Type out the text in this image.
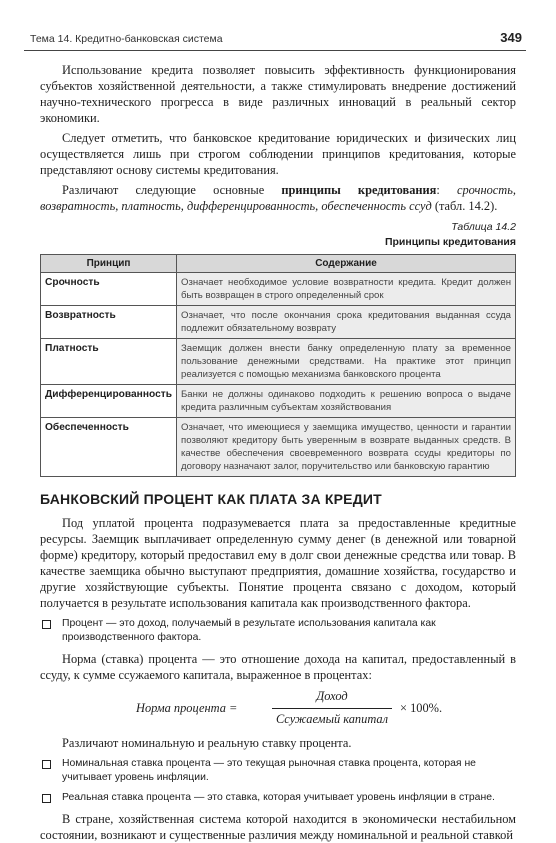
Тема 14. Кредитно-банковская система	349

Использование кредита позволяет повысить эффективность функционирования субъектов хозяйственной деятельности, а также стимулировать внедрение достижений научно-технического прогресса в виде различных инноваций в реальный сектор экономики.

Следует отметить, что банковское кредитование юридических и физических лиц осуществляется лишь при строгом соблюдении принципов кредитования, которые представляют основу системы кредитования.

Различают следующие основные принципы кредитования: срочность, возвратность, платность, дифференцированность, обеспеченность ссуд (табл. 14.2).

Таблица 14.2
Принципы кредитования
Принцип	Содержание
Срочность	Означает необходимое условие возвратности кредита. Кредит должен быть возвращен в строго определенный срок
Возвратность	Означает, что после окончания срока кредитования выданная ссуда подлежит обязательному возврату
Платность	Заемщик должен внести банку определенную плату за временное пользование денежными средствами. На практике этот принцип реализуется с помощью механизма банковского процента
Дифференцированность	Банки не должны одинаково подходить к решению вопроса о выдаче кредита различным субъектам хозяйствования
Обеспеченность	Означает, что имеющиеся у заемщика имущество, ценности и гарантии позволяют кредитору быть уверенным в возврате выданных средств. В качестве обеспечения своевременного возврата ссуды кредиторы по договору назначают залог, поручительство или банковскую гарантию
БАНКОВСКИЙ ПРОЦЕНТ КАК ПЛАТА ЗА КРЕДИТ

Под уплатой процента подразумевается плата за предоставленные кредитные ресурсы. Заемщик выплачивает определенную сумму денег (в денежной или товарной форме) кредитору, который предоставил ему в долг свои денежные средства или товар. В качестве заемщика обычно выступают предприятия, домашние хозяйства, государство и другие хозяйствующие субъекты. Понятие процента связано с доходом, который получается в результате использования капитала как производственного фактора.

Процент — это доход, получаемый в результате использования капитала как производственного фактора.

Норма (ставка) процента — это отношение дохода на капитал, предоставленный в ссуду, к сумме ссужаемого капитала, выраженное в процентах:

Норма процента =
Доход
Ссужаемый капитал
× 100%.

Различают номинальную и реальную ставку процента.

Номинальная ставка процента — это текущая рыночная ставка процента, которая не учитывает уровень инфляции.
Реальная ставка процента — это ставка, которая учитывает уровень инфляции в стране.

В стране, хозяйственная система которой находится в экономически нестабильном состоянии, возникают и существенные различия между номинальной и реальной ставкой
